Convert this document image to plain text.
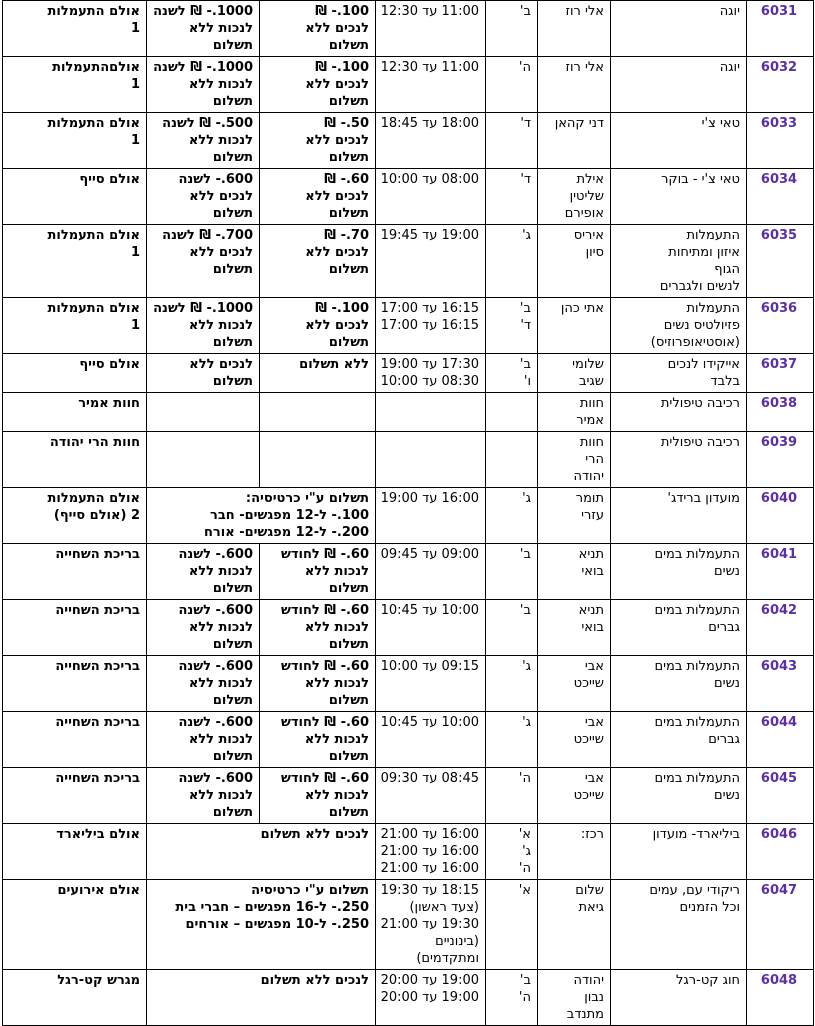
6031	יוגה	אלי רוז	ב'	11:00 עד 12:30	100.- ₪
לנכים ללא
תשלום	1000.- ₪ לשנה
לנכות ללא
תשלום	אולם התעמלות
1

6032	יוגה	אלי רוז	ה'	11:00 עד 12:30	100.- ₪
לנכים ללא
תשלום	1000.- ₪ לשנה
לנכות ללא
תשלום	אולםהתעמלות
1

6033	טאי צ'י	דני קהאן	ד'	18:00 עד 18:45	50.- ₪
לנכים ללא
תשלום	500.- ₪ לשנה
לנכות ללא
תשלום	אולם התעמלות
1

6034	טאי צ'י - בוקר	אילת
שליטין
אופירם	ד'	08:00 עד 10:00	60.- ₪
לנכים ללא
תשלום	600.- לשנה
לנכים ללא
תשלום	אולם סייף

6035	התעמלות
איזון ומתיחות
הגוף
לנשים ולגברים	איריס
סיון	ג'	19:00 עד 19:45	70.- ₪
לנכים ללא
תשלום	700.- ₪ לשנה
לנכים ללא
תשלום	אולם התעמלות
1

6036	התעמלות
פזיולטיס נשים
(אוסטיאופרוזיס)	אתי כהן	ב'
ד'	16:15 עד 17:00
16:15 עד 17:00	100.- ₪
לנכים ללא
תשלום	1000.- ₪ לשנה
לנכות ללא
תשלום	אולם התעמלות
1

6037	אייקידו לנכים
בלבד	שלומי
שגיב	ב'
ו'	17:30 עד 19:00
08:30 עד 10:00	ללא תשלום	לנכים ללא
תשלום	אולם סייף

6038	רכיבה טיפולית	חוות
אמיר					חוות אמיר

6039	רכיבה טיפולית	חוות
הרי
יהודה					חוות הרי יהודה

6040	מועדון ברידג'	תומר
עזרי	ג'	16:00 עד 19:00	תשלום ע"י כרטיסיה:
100.- ל-12 מפגשים- חבר
200.- ל-12 מפגשים- אורח		אולם התעמלות
2 (אולם סייף)

6041	התעמלות במים
נשים	תניא
בואי	ב'	09:00 עד 09:45	60.- ₪ לחודש
לנכות ללא
תשלום	600.- לשנה
לנכות ללא
תשלום	בריכת השחייה

6042	התעמלות במים
גברים	תניא
בואי	ב'	10:00 עד 10:45	60.- ₪ לחודש
לנכות ללא
תשלום	600.- לשנה
לנכות ללא
תשלום	בריכת השחייה

6043	התעמלות במים
נשים	אבי
שייכט	ג'	09:15 עד 10:00	60.- ₪ לחודש
לנכות ללא
תשלום	600.- לשנה
לנכות ללא
תשלום	בריכת השחייה

6044	התעמלות במים
גברים	אבי
שייכט	ג'	10:00 עד 10:45	60.- ₪ לחודש
לנכות ללא
תשלום	600.- לשנה
לנכות ללא
תשלום	בריכת השחייה

6045	התעמלות במים
נשים	אבי
שייכט	ה'	08:45 עד 09:30	60.- ₪ לחודש
לנכות ללא
תשלום	600.- לשנה
לנכות ללא
תשלום	בריכת השחייה

6046	ביליארד- מועדון	רכז:	א'
ג'
ה'	16:00 עד 21:00
16:00 עד 21:00
16:00 עד 21:00	לנכים ללא תשלום		אולם ביליארד

6047	ריקודי עם, עמים
וכל הזמנים	שלום
גיאת	א'	18:15 עד 19:30
(צעד ראשון)
19:30 עד 21:00
(בינוניים
ומתקדמים)	תשלום ע"י כרטיסיה
250.- ל-16 מפגשים – חברי בית
250.- ל-10 מפגשים – אורחים		אולם אירועים

6048	חוג קט-רגל	יהודה
נבון
מתנדב	ב'
ה'	19:00 עד 20:00
19:00 עד 20:00	לנכים ללא תשלום		מגרש קט-רגל
